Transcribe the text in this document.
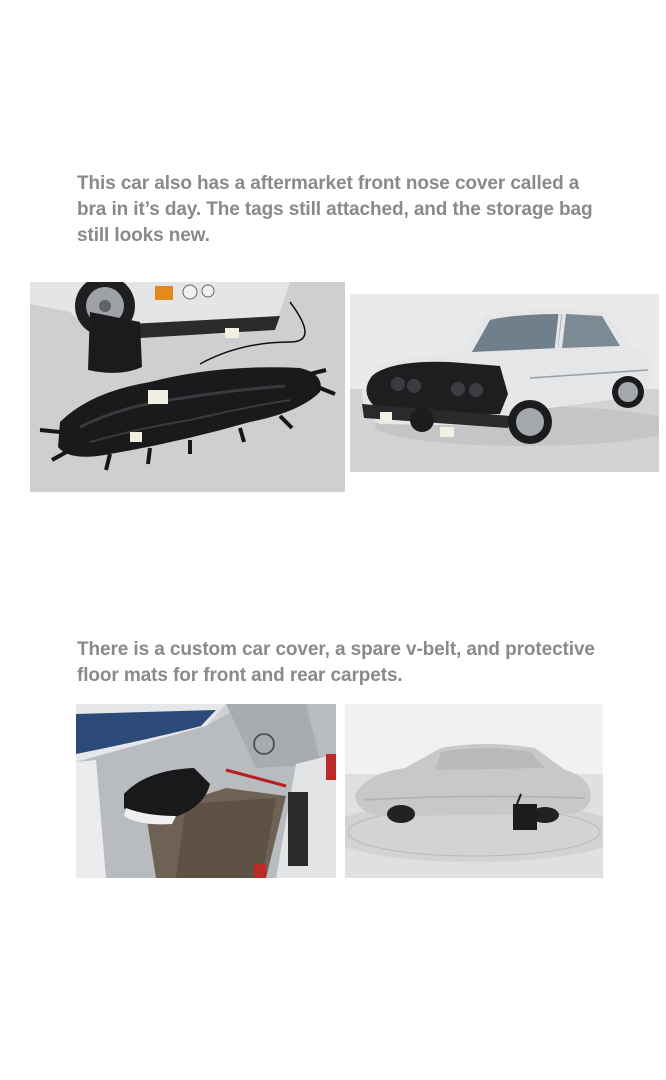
This car also has a aftermarket front nose cover called a bra in it’s day. The tags still attached, and the storage bag still looks new.

There is a custom car cover, a spare v-belt, and protective floor mats for front and rear carpets.
